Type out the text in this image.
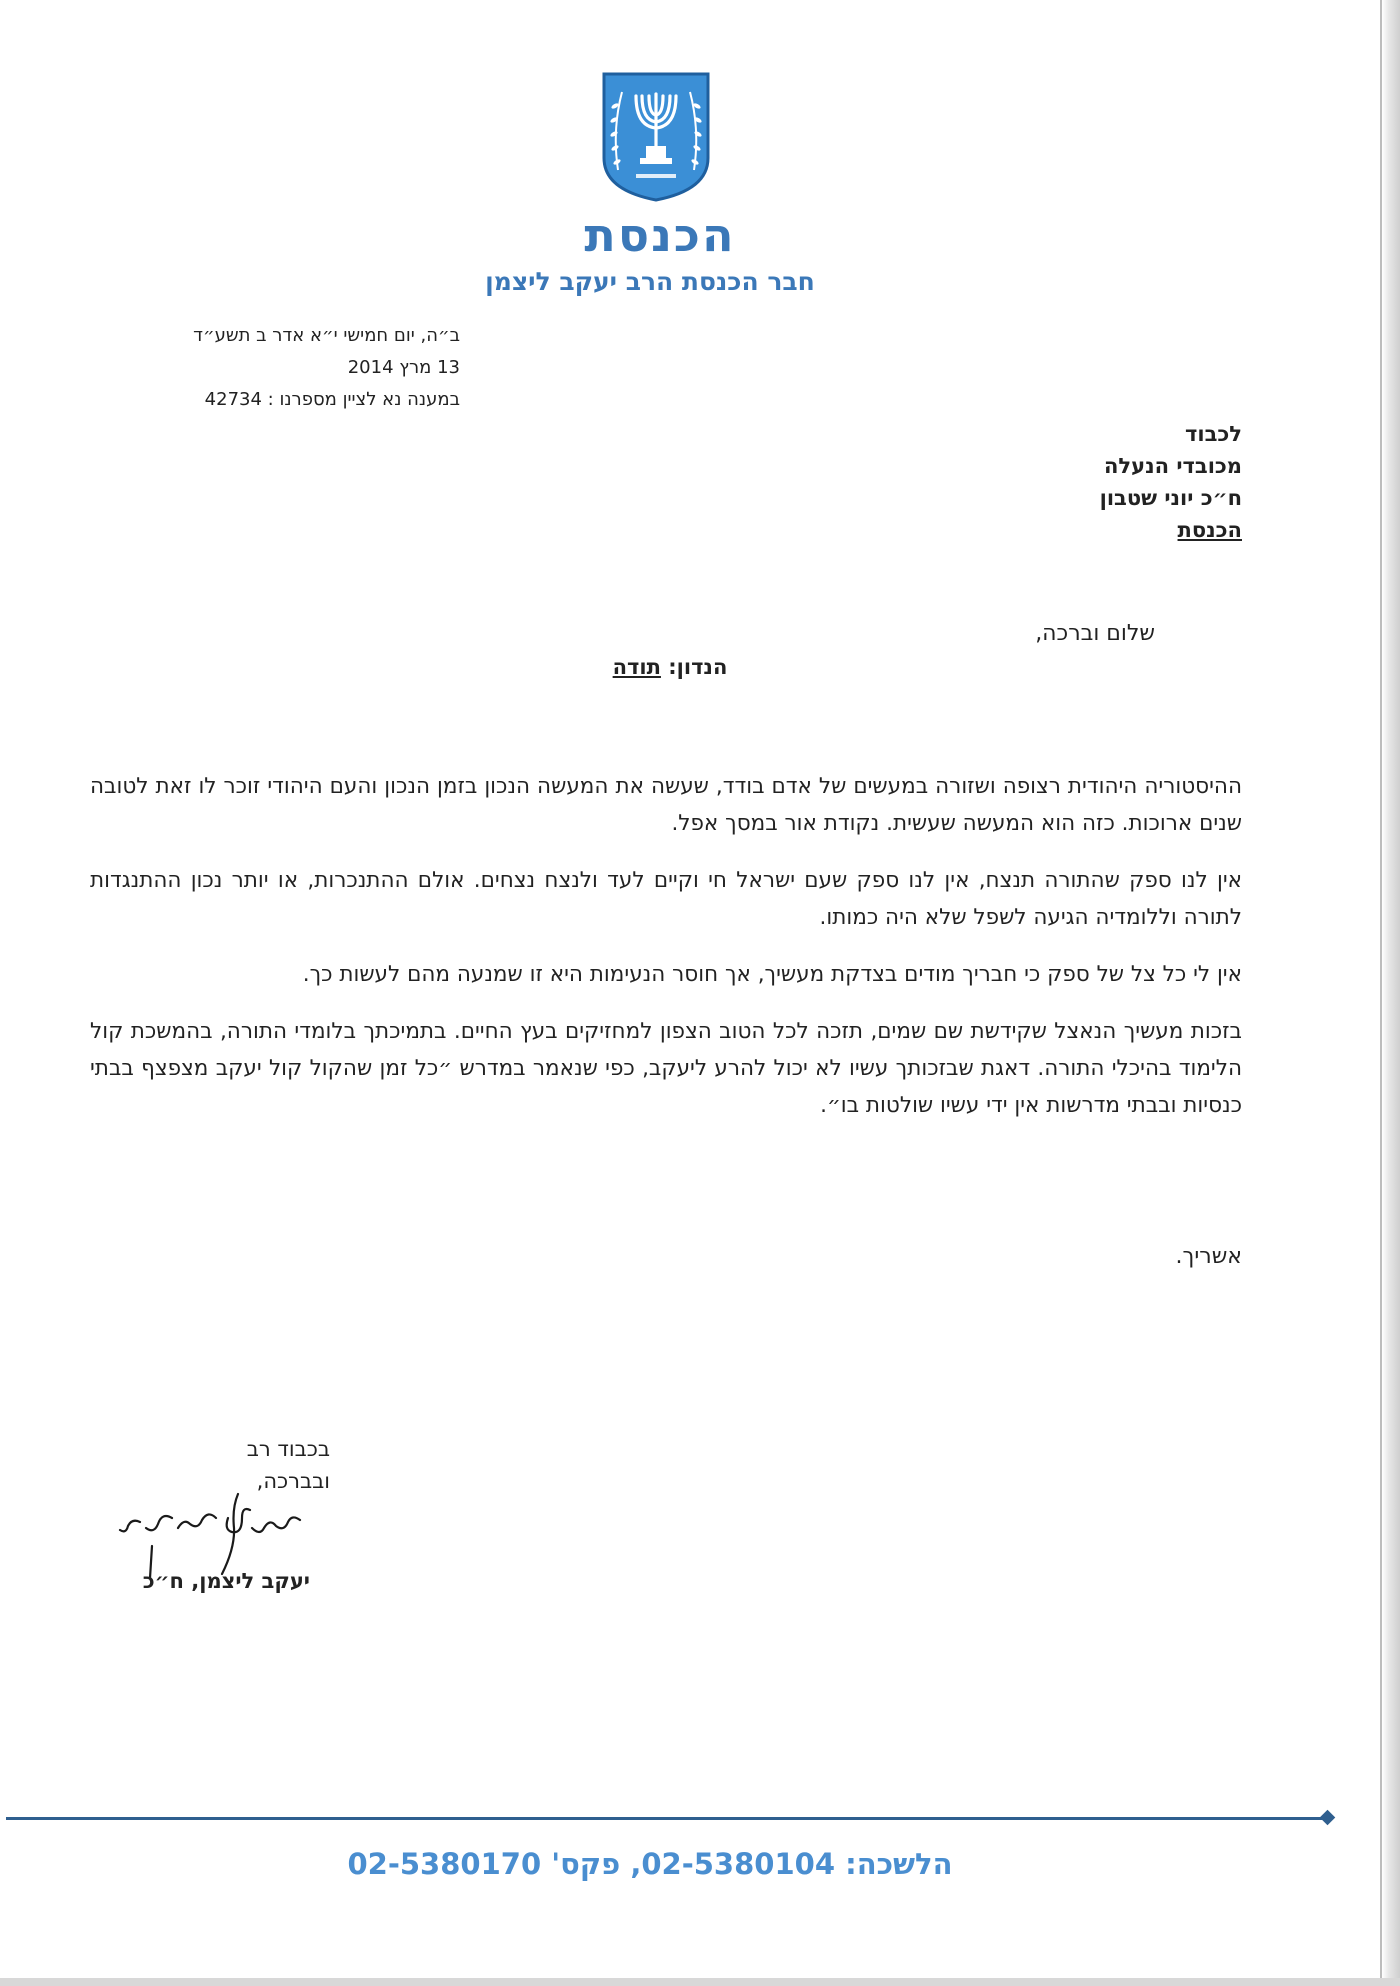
הכנסת
חבר הכנסת הרב יעקב ליצמן
ב״ה, יום חמישי י״א אדר ב תשע״ד
13 מרץ 2014
במענה נא לציין מספרנו : 42734
לכבוד
מכובדי הנעלה
ח״כ יוני שטבון
הכנסת
שלום וברכה,
הנדון: תודה

ההיסטוריה היהודית רצופה ושזורה במעשים של אדם בודד, שעשה את המעשה הנכון בזמן הנכון והעם היהודי זוכר לו זאת לטובה שנים ארוכות. כזה הוא המעשה שעשית. נקודת אור במסך אפל.

אין לנו ספק שהתורה תנצח, אין לנו ספק שעם ישראל חי וקיים לעד ולנצח נצחים. אולם ההתנכרות, או יותר נכון ההתנגדות לתורה וללומדיה הגיעה לשפל שלא היה כמותו.

אין לי כל צל של ספק כי חבריך מודים בצדקת מעשיך, אך חוסר הנעימות היא זו שמנעה מהם לעשות כך.

בזכות מעשיך הנאצל שקידשת שם שמים, תזכה לכל הטוב הצפון למחזיקים בעץ החיים. בתמיכתך בלומדי התורה, בהמשכת קול הלימוד בהיכלי התורה. דאגת שבזכותך עשיו לא יכול להרע ליעקב, כפי שנאמר במדרש ״כל זמן שהקול קול יעקב מצפצף בבתי כנסיות ובבתי מדרשות אין ידי עשיו שולטות בו״.

אשריך.
בכבוד רב
ובברכה,
יעקב ליצמן, ח״כ
הלשכה: 02-5380104, פקס' 02-5380170
